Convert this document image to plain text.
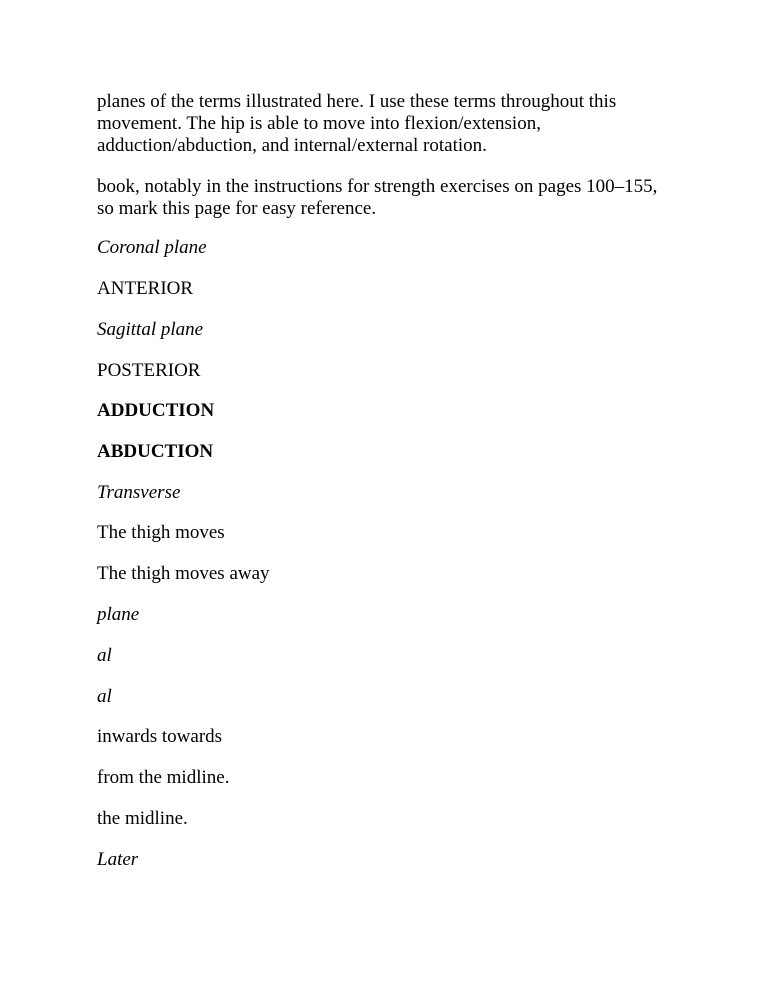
planes of the terms illustrated here. I use these terms throughout this
movement. The hip is able to move into flexion/extension,
adduction/abduction, and internal/external rotation.

book, notably in the instructions for strength exercises on pages 100–155,
so mark this page for easy reference.

Coronal plane

ANTERIOR

Sagittal plane

POSTERIOR

ADDUCTION

ABDUCTION

Transverse

The thigh moves

The thigh moves away

plane

al

al

inwards towards

from the midline.

the midline.

Later
